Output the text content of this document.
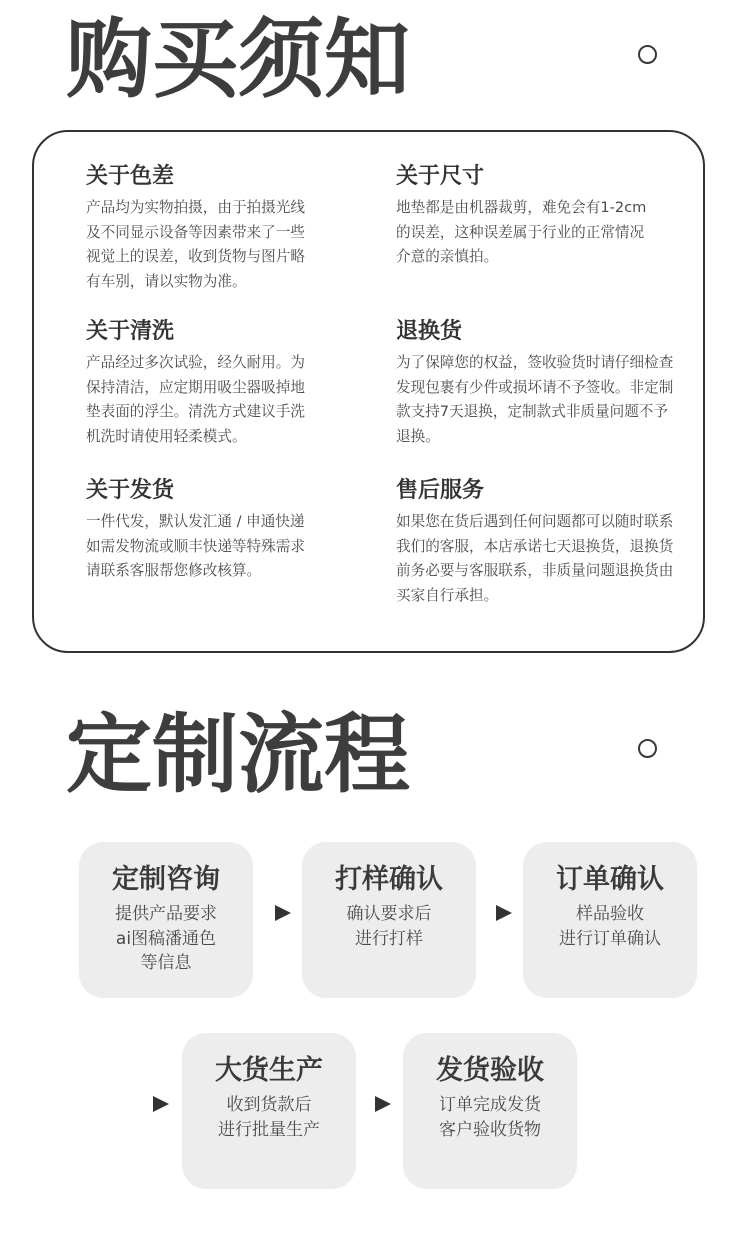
购买须知
关于色差

产品均为实物拍摄，由于拍摄光线
及不同显示设备等因素带来了一些
视觉上的误差，收到货物与图片略
有车别，请以实物为准。

关于尺寸

地垫都是由机器裁剪，难免会有1-2cm
的误差，这种误差属于行业的正常情况
介意的亲慎拍。

关于清洗

产品经过多次试验，经久耐用。为
保持清洁，应定期用吸尘器吸掉地
垫表面的浮尘。清洗方式建议手洗
机洗时请使用轻柔模式。

退换货

为了保障您的权益，签收验货时请仔细检查
发现包裹有少件或损坏请不予签收。非定制
款支持7天退换，定制款式非质量问题不予
退换。

关于发货

一件代发，默认发汇通 / 申通快递
如需发物流或顺丰快递等特殊需求
请联系客服帮您修改核算。

售后服务

如果您在货后遇到任何问题都可以随时联系
我们的客服，本店承诺七天退换货，退换货
前务必要与客服联系，非质量问题退换货由
买家自行承担。

定制流程
定制咨询
提供产品要求
ai图稿潘通色
等信息
打样确认
确认要求后
进行打样
订单确认
样品验收
进行订单确认
大货生产
收到货款后
进行批量生产
发货验收
订单完成发货
客户验收货物
